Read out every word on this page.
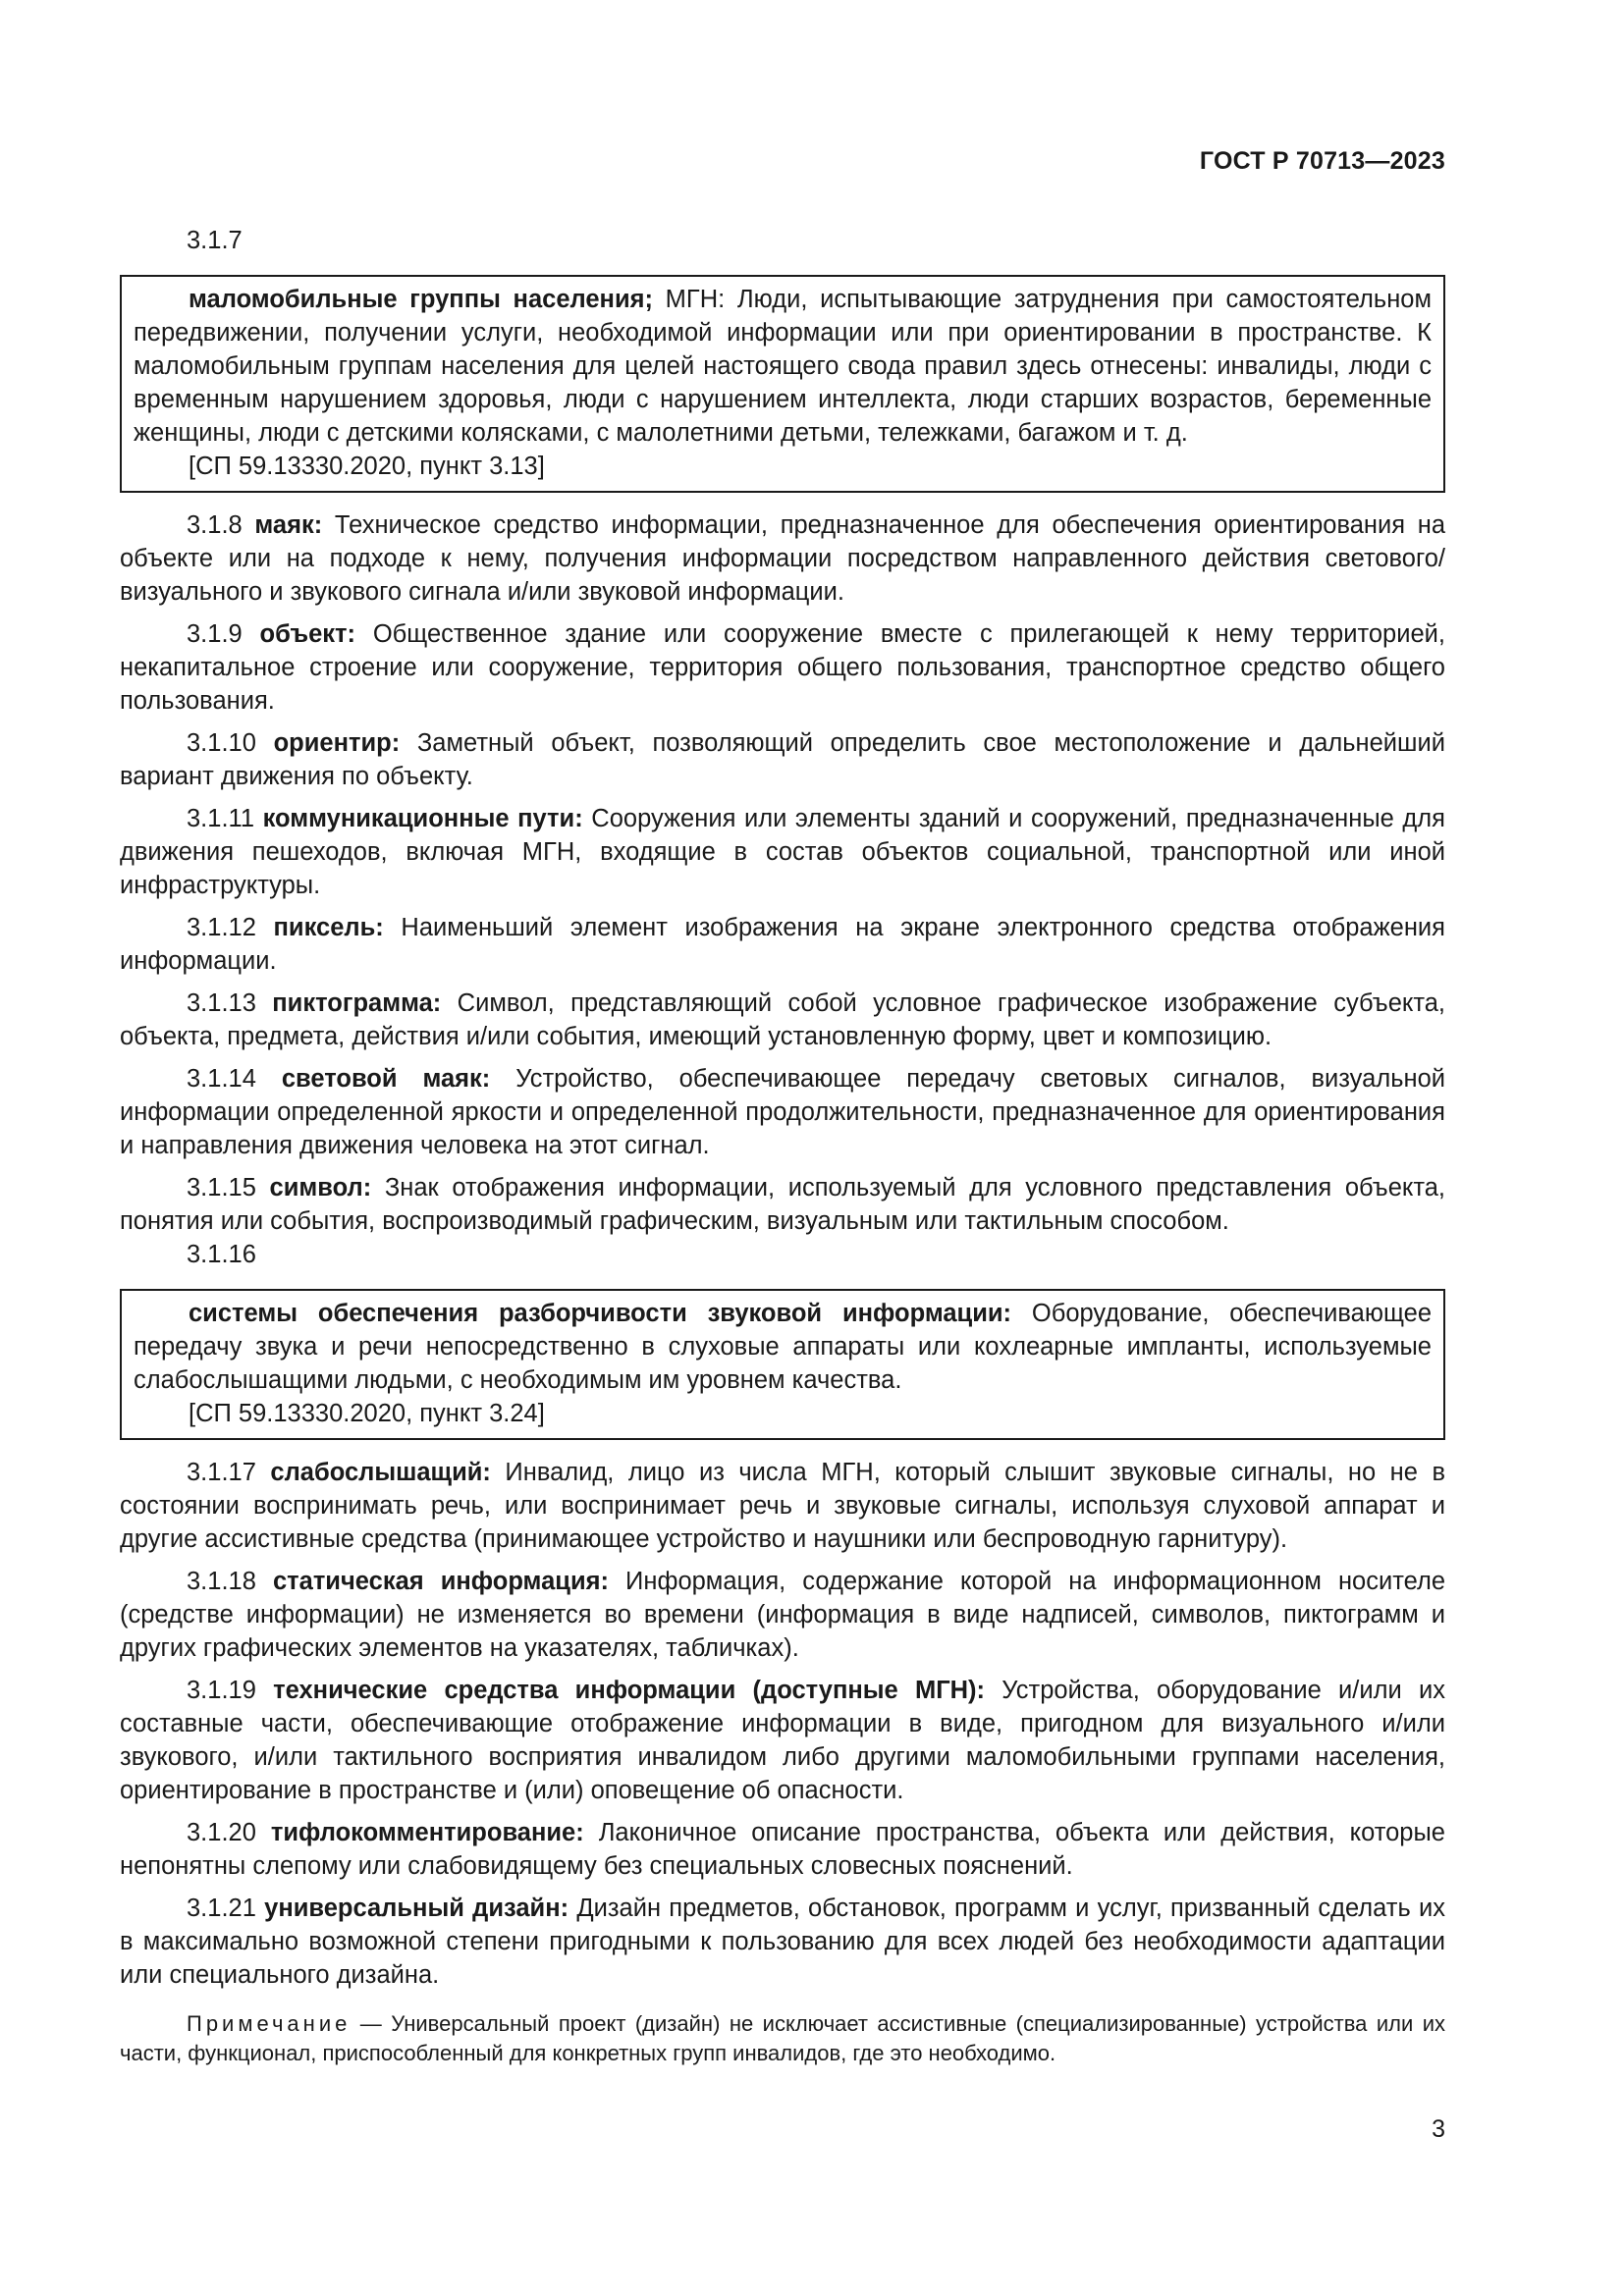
ГОСТ Р 70713—2023

3.1.7

маломобильные группы населения; МГН: Люди, испытывающие затруднения при самостоятельном передвижении, получении услуги, необходимой информации или при ориентировании в пространстве. К маломобильным группам населения для целей настоящего свода правил здесь отнесены: инвалиды, люди с временным нарушением здоровья, люди с нарушением интеллекта, люди старших возрастов, беременные женщины, люди с детскими колясками, с малолетними детьми, тележками, багажом и т. д.

[СП 59.13330.2020, пункт 3.13]

3.1.8 маяк: Техническое средство информации, предназначенное для обеспечения ориентирования на объекте или на подходе к нему, получения информации посредством направленного действия светового/визуального и звукового сигнала и/или звуковой информации.

3.1.9 объект: Общественное здание или сооружение вместе с прилегающей к нему территорией, некапитальное строение или сооружение, территория общего пользования, транспортное средство общего пользования.

3.1.10 ориентир: Заметный объект, позволяющий определить свое местоположение и дальнейший вариант движения по объекту.

3.1.11 коммуникационные пути: Сооружения или элементы зданий и сооружений, предназначенные для движения пешеходов, включая МГН, входящие в состав объектов социальной, транспортной или иной инфраструктуры.

3.1.12 пиксель: Наименьший элемент изображения на экране электронного средства отображения информации.

3.1.13 пиктограмма: Символ, представляющий собой условное графическое изображение субъекта, объекта, предмета, действия и/или события, имеющий установленную форму, цвет и композицию.

3.1.14 световой маяк: Устройство, обеспечивающее передачу световых сигналов, визуальной информации определенной яркости и определенной продолжительности, предназначенное для ориентирования и направления движения человека на этот сигнал.

3.1.15 символ: Знак отображения информации, используемый для условного представления объекта, понятия или события, воспроизводимый графическим, визуальным или тактильным способом.

3.1.16

системы обеспечения разборчивости звуковой информации: Оборудование, обеспечивающее передачу звука и речи непосредственно в слуховые аппараты или кохлеарные импланты, используемые слабослышащими людьми, с необходимым им уровнем качества.

[СП 59.13330.2020, пункт 3.24]

3.1.17 слабослышащий: Инвалид, лицо из числа МГН, который слышит звуковые сигналы, но не в состоянии воспринимать речь, или воспринимает речь и звуковые сигналы, используя слуховой аппарат и другие ассистивные средства (принимающее устройство и наушники или беспроводную гарнитуру).

3.1.18 статическая информация: Информация, содержание которой на информационном носителе (средстве информации) не изменяется во времени (информация в виде надписей, символов, пиктограмм и других графических элементов на указателях, табличках).

3.1.19 технические средства информации (доступные МГН): Устройства, оборудование и/или их составные части, обеспечивающие отображение информации в виде, пригодном для визуального и/или звукового, и/или тактильного восприятия инвалидом либо другими маломобильными группами населения, ориентирование в пространстве и (или) оповещение об опасности.

3.1.20 тифлокомментирование: Лаконичное описание пространства, объекта или действия, которые непонятны слепому или слабовидящему без специальных словесных пояснений.

3.1.21 универсальный дизайн: Дизайн предметов, обстановок, программ и услуг, призванный сделать их в максимально возможной степени пригодными к пользованию для всех людей без необходимости адаптации или специального дизайна.

Примечание — Универсальный проект (дизайн) не исключает ассистивные (специализированные) устройства или их части, функционал, приспособленный для конкретных групп инвалидов, где это необходимо.

3
